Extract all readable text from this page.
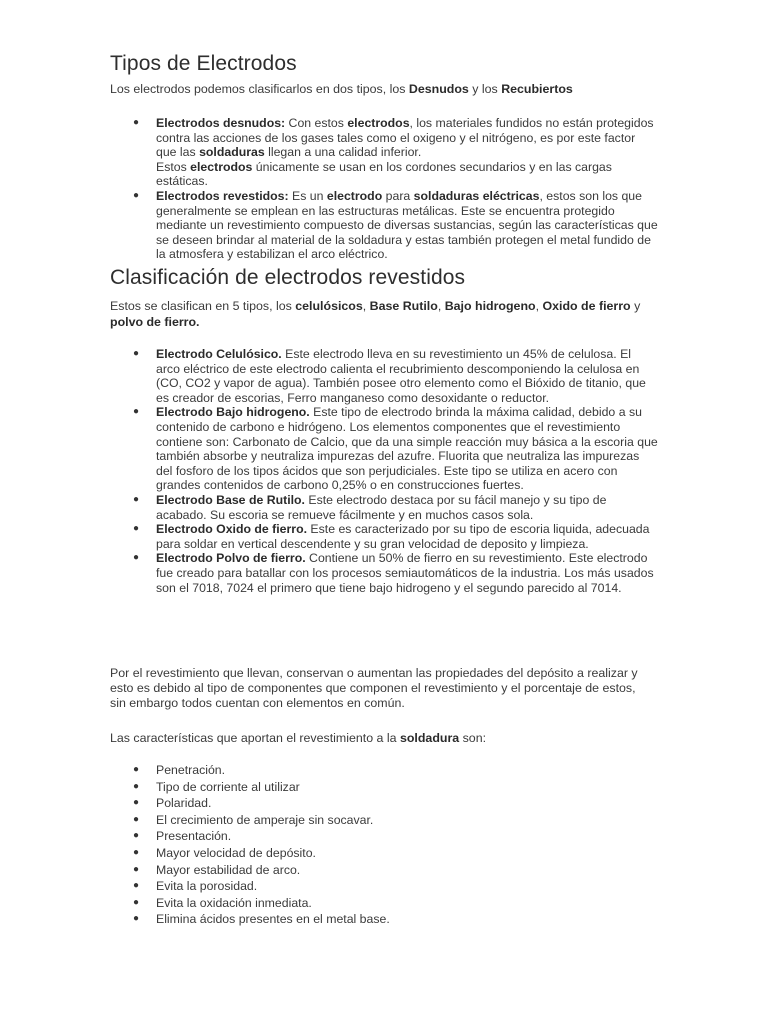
Tipos de Electrodos
Los electrodos podemos clasificarlos en dos tipos, los Desnudos y los Recubiertos
● Electrodos desnudos: Con estos electrodos, los materiales fundidos no están protegidos contra las acciones de los gases tales como el oxigeno y el nitrógeno, es por este factor que las soldaduras llegan a una calidad inferior.
Estos electrodos únicamente se usan en los cordones secundarios y en las cargas estáticas.
● Electrodos revestidos: Es un electrodo para soldaduras eléctricas, estos son los que generalmente se emplean en las estructuras metálicas. Este se encuentra protegido mediante un revestimiento compuesto de diversas sustancias, según las características que se deseen brindar al material de la soldadura y estas también protegen el metal fundido de la atmosfera y estabilizan el arco eléctrico.
Clasificación de electrodos revestidos
Estos se clasifican en 5 tipos, los celulósicos, Base Rutilo, Bajo hidrogeno, Oxido de fierro y polvo de fierro.
● Electrodo Celulósico. Este electrodo lleva en su revestimiento un 45% de celulosa. El arco eléctrico de este electrodo calienta el recubrimiento descomponiendo la celulosa en (CO, CO2 y vapor de agua). También posee otro elemento como el Bióxido de titanio, que es creador de escorias, Ferro manganeso como desoxidante o reductor.
● Electrodo Bajo hidrogeno. Este tipo de electrodo brinda la máxima calidad, debido a su contenido de carbono e hidrógeno. Los elementos componentes que el revestimiento contiene son: Carbonato de Calcio, que da una simple reacción muy básica a la escoria que también absorbe y neutraliza impurezas del azufre. Fluorita que neutraliza las impurezas del fosforo de los tipos ácidos que son perjudiciales. Este tipo se utiliza en acero con grandes contenidos de carbono 0,25% o en construcciones fuertes.
● Electrodo Base de Rutilo. Este electrodo destaca por su fácil manejo y su tipo de acabado. Su escoria se remueve fácilmente y en muchos casos sola.
● Electrodo Oxido de fierro. Este es caracterizado por su tipo de escoria liquida, adecuada para soldar en vertical descendente y su gran velocidad de deposito y limpieza.
● Electrodo Polvo de fierro. Contiene un 50% de fierro en su revestimiento. Este electrodo fue creado para batallar con los procesos semiautomáticos de la industria. Los más usados son el 7018, 7024 el primero que tiene bajo hidrogeno y el segundo parecido al 7014.
Por el revestimiento que llevan, conservan o aumentan las propiedades del depósito a realizar y esto es debido al tipo de componentes que componen el revestimiento y el porcentaje de estos, sin embargo todos cuentan con elementos en común.
Las características que aportan el revestimiento a la soldadura son:
● Penetración.
● Tipo de corriente al utilizar
● Polaridad.
● El crecimiento de amperaje sin socavar.
● Presentación.
● Mayor velocidad de depósito.
● Mayor estabilidad de arco.
● Evita la porosidad.
● Evita la oxidación inmediata.
● Elimina ácidos presentes en el metal base.
